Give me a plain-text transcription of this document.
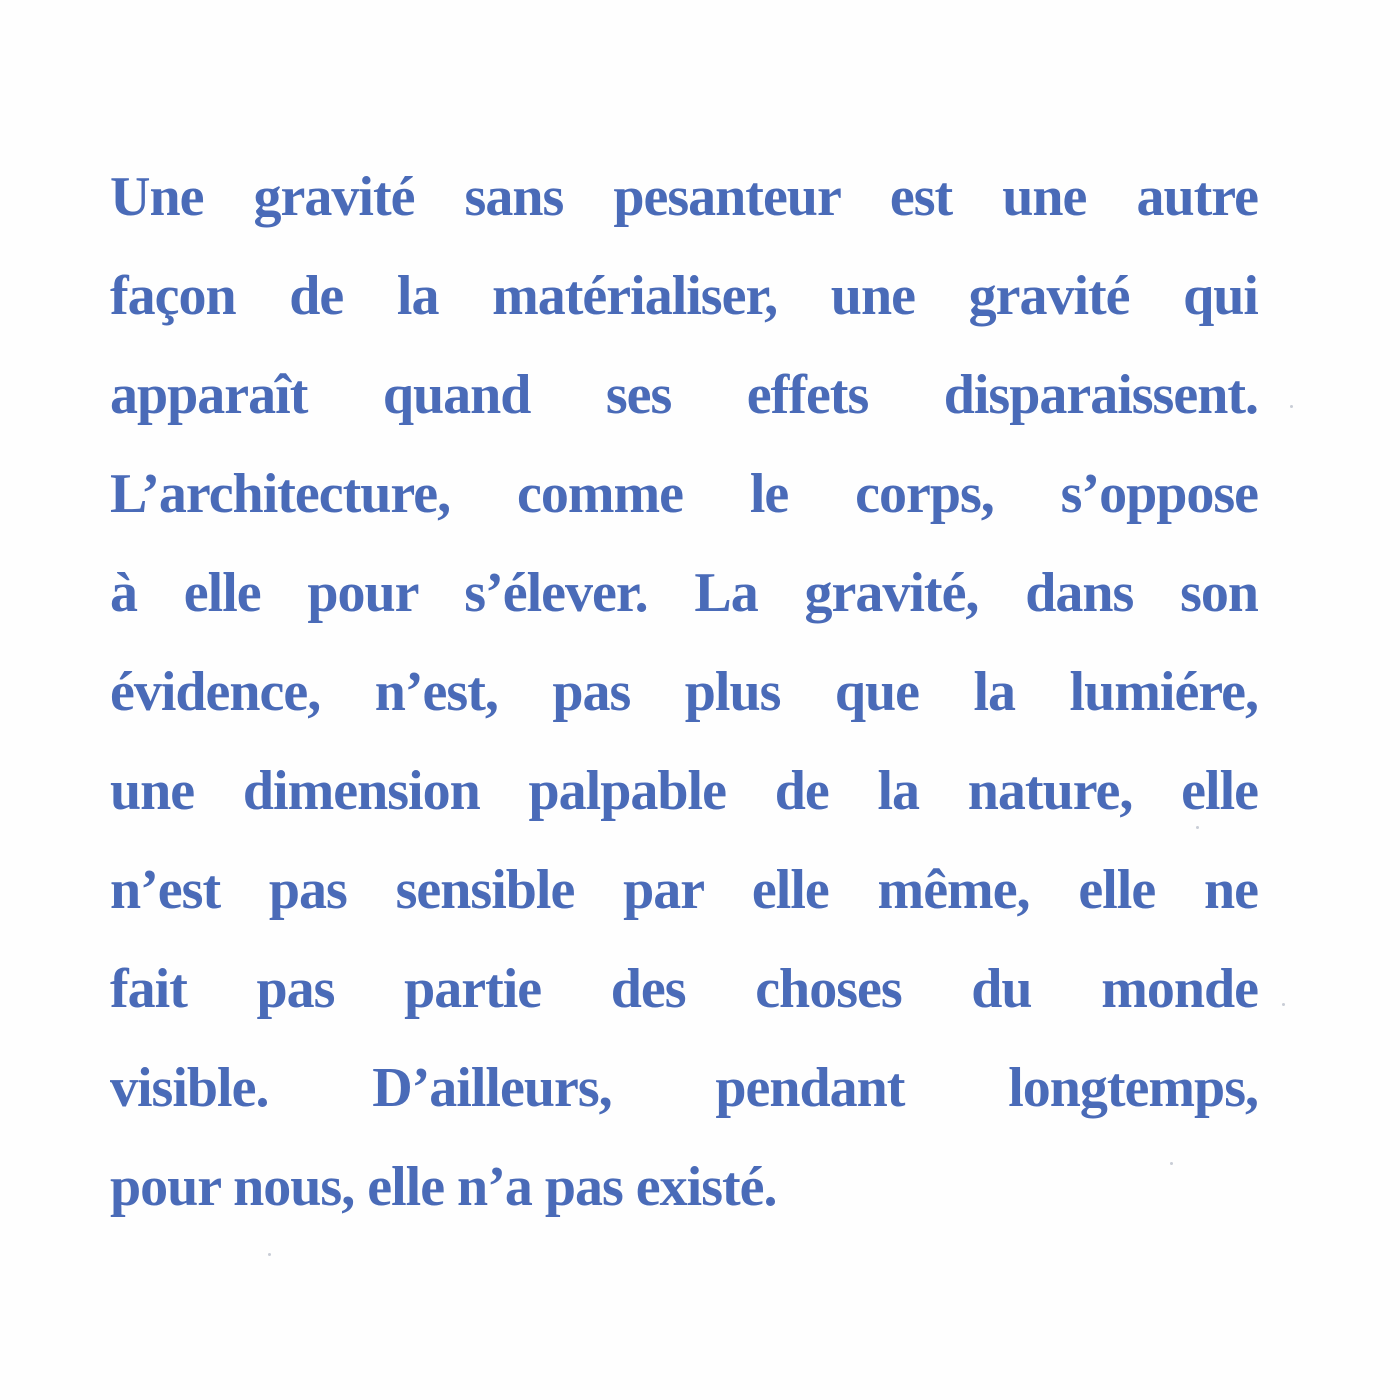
Une gravité sans pesanteur est une autre
façon de la matérialiser, une gravité qui
apparaît quand ses effets disparaissent.
L’architecture, comme le corps, s’oppose
à elle pour s’élever. La gravité, dans son
évidence, n’est, pas plus que la lumiére,
une dimension palpable de la nature, elle
n’est pas sensible par elle même, elle ne
fait pas partie des choses du monde
visible. D’ailleurs, pendant longtemps,
pour nous, elle n’a pas existé.
